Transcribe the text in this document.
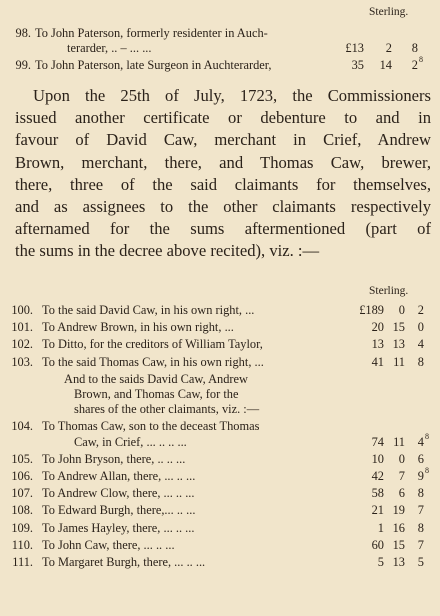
Sterling.
98. To John Paterson, formerly residenter in Auch-
terarder, .. – ... ...	£13	2	8
99. To John Paterson, late Surgeon in Auchterarder,	35	14	2 8
Upon the 25th of July, 1723, the Commissioners
issued another certificate or debenture to and in
favour of David Caw, merchant in Crief, Andrew
Brown, merchant, there, and Thomas Caw, brewer,
there, three of the said claimants for themselves,
and as assignees to the other claimants respectively
afternamed for the sums aftermentioned (part of
the sums in the decree above recited), viz. :—
Sterling.
100. To the said David Caw, in his own right, ...	£189	0	2
101. To Andrew Brown, in his own right, ...	20 15	0
102. To Ditto, for the creditors of William Taylor,	13 13	4
103. To the said Thomas Caw, in his own right, ...	41 11	8
And to the saids David Caw, Andrew
Brown, and Thomas Caw, for the
shares of the other claimants, viz. :—
104. To Thomas Caw, son to the deceast Thomas
Caw, in Crief, ... .. .. ...	74 11	4 8
105. To John Bryson, there, .. .. ...	10	0	6
106. To Andrew Allan, there, ... .. ...	42	7	9 8
107. To Andrew Clow, there, ... .. ...	58	6	8
108. To Edward Burgh, there,... .. ...	21 19	7
109. To James Hayley, there, ... .. ...	1 16	8
110. To John Caw, there, ... .. ...	60 15	7
111. To Margaret Burgh, there, ... .. ...	5 13	5
